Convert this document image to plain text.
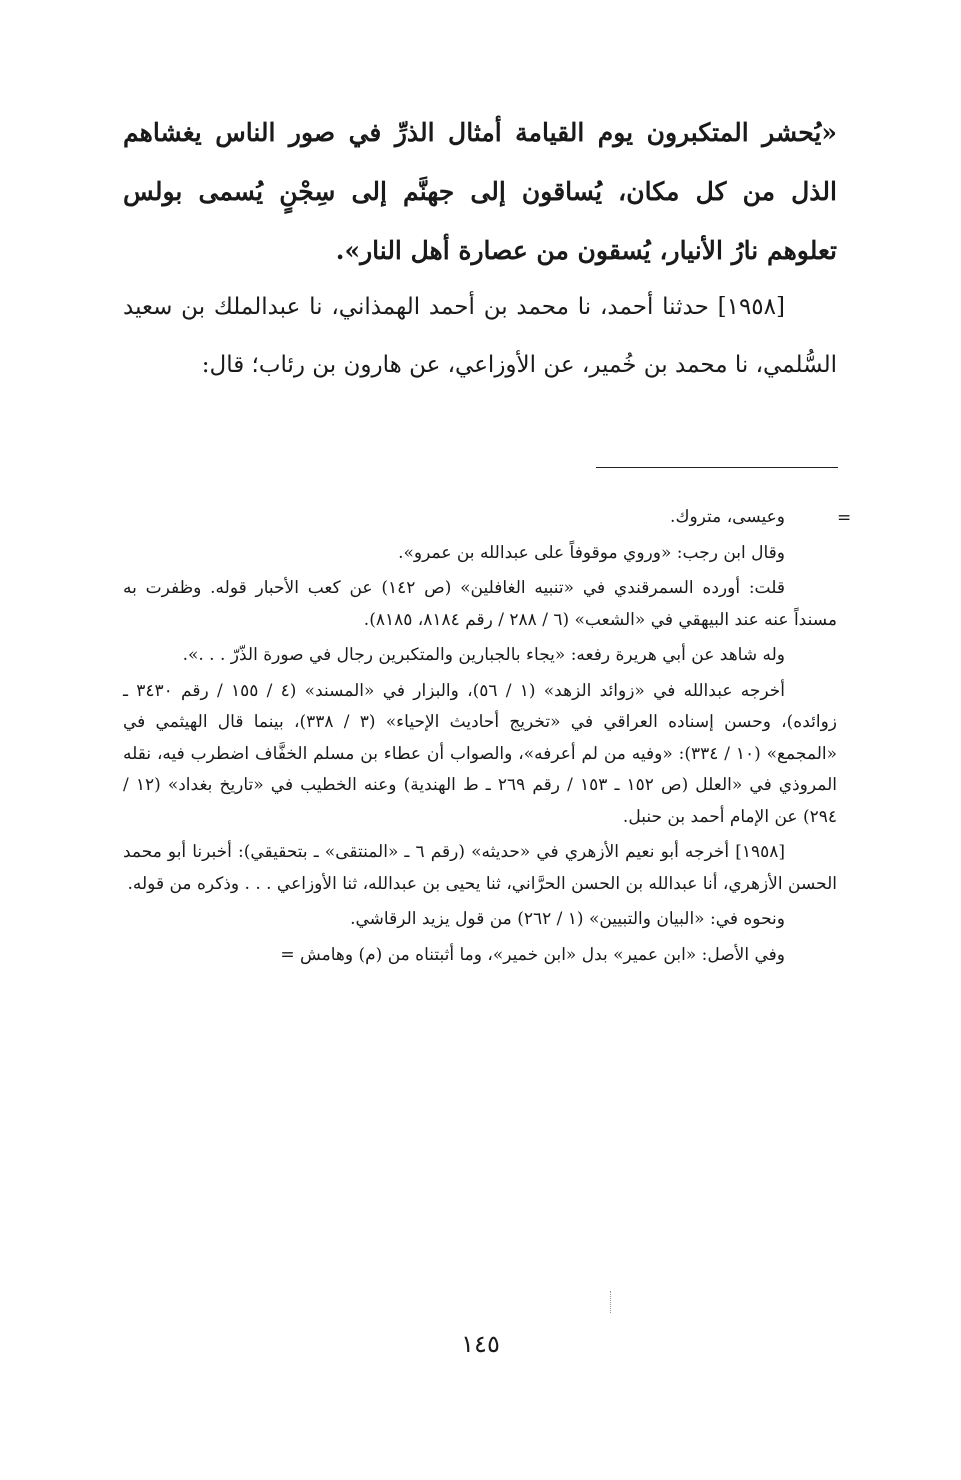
«يُحشر المتكبرون يوم القيامة أمثال الذرِّ في صور الناس يغشاهم الذل من كل مكان، يُساقون إلى جهنَّم إلى سِجْنٍ يُسمى بولس تعلوهم نارُ الأنيار، يُسقون من عصارة أهل النار».

[١٩٥٨] حدثنا أحمد، نا محمد بن أحمد الهمذاني، نا عبدالملك بن سعيد السُّلمي، نا محمد بن خُمير، عن الأوزاعي، عن هارون بن رئاب؛ قال:

=

وعيسى، متروك.

وقال ابن رجب: «وروي موقوفاً على عبدالله بن عمرو».

قلت: أورده السمرقندي في «تنبيه الغافلين» (ص ١٤٢) عن كعب الأحبار قوله. وظفرت به مسنداً عنه عند البيهقي في «الشعب» (٦ / ٢٨٨ / رقم ٨١٨٤، ٨١٨٥).

وله شاهد عن أبي هريرة رفعه: «يجاء بالجبارين والمتكبرين رجال في صورة الذّرّ . . .».

أخرجه عبدالله في «زوائد الزهد» (١ / ٥٦)، والبزار في «المسند» (٤ / ١٥٥ / رقم ٣٤٣٠ ـ زوائده)، وحسن إسناده العراقي في «تخريج أحاديث الإحياء» (٣ / ٣٣٨)، بينما قال الهيثمي في «المجمع» (١٠ / ٣٣٤): «وفيه من لم أعرفه»، والصواب أن عطاء بن مسلم الخفَّاف اضطرب فيه، نقله المروذي في «العلل (ص ١٥٢ ـ ١٥٣ / رقم ٢٦٩ ـ ط الهندية) وعنه الخطيب في «تاريخ بغداد» (١٢ / ٢٩٤) عن الإمام أحمد بن حنبل.

[١٩٥٨] أخرجه أبو نعيم الأزهري في «حديثه» (رقم ٦ ـ «المنتقى» ـ بتحقيقي): أخبرنا أبو محمد الحسن الأزهري، أنا عبدالله بن الحسن الحرَّاني، ثنا يحيى بن عبدالله، ثنا الأوزاعي . . . وذكره من قوله.

ونحوه في: «البيان والتبيين» (١ / ٢٦٢) من قول يزيد الرقاشي.

وفي الأصل: «ابن عمير» بدل «ابن خمير»، وما أثبتناه من (م) وهامش =

١٤٥
